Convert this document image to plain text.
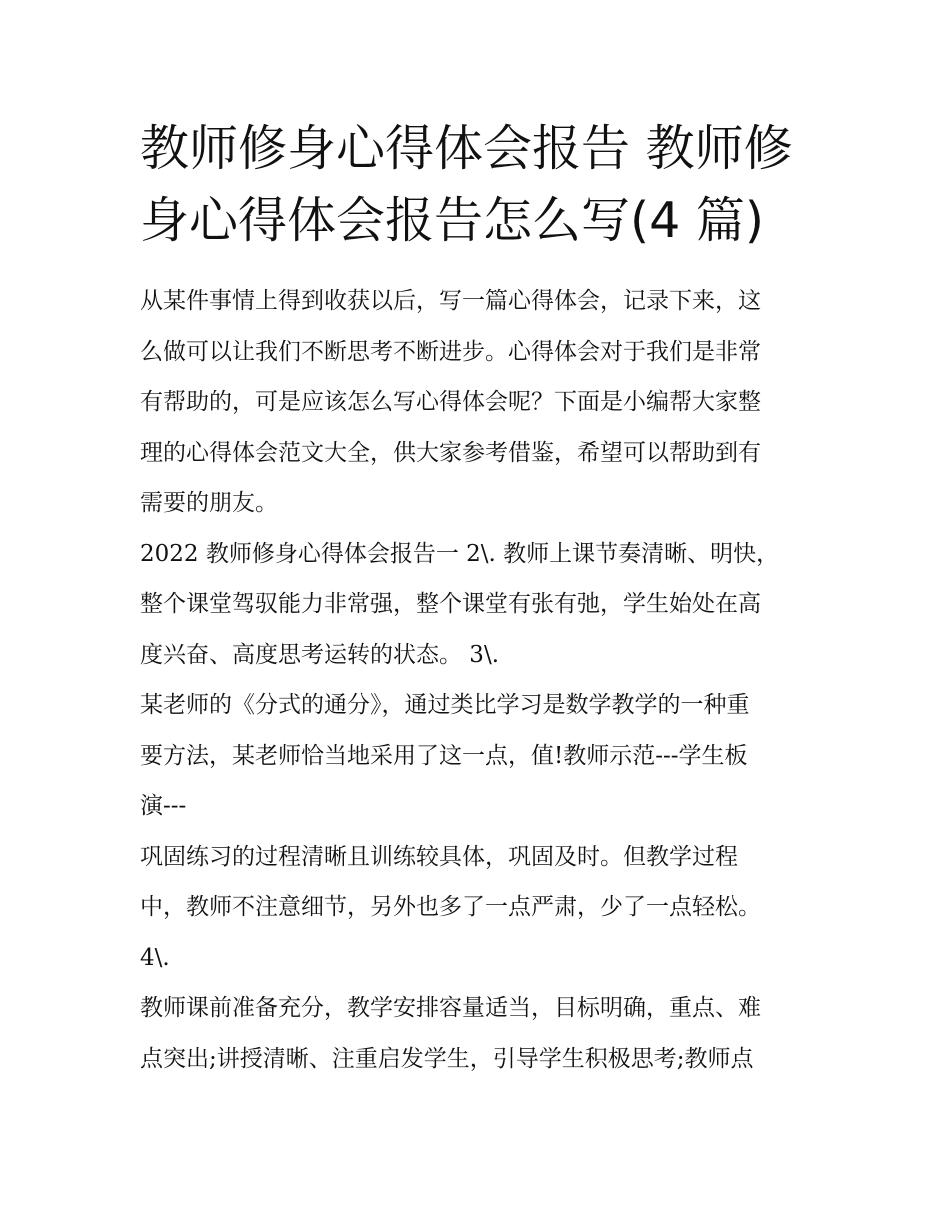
教师修身心得体会报告 教师修
身心得体会报告怎么写(4 篇)
从某件事情上得到收获以后，写一篇心得体会，记录下来，这
么做可以让我们不断思考不断进步。心得体会对于我们是非常
有帮助的，可是应该怎么写心得体会呢？下面是小编帮大家整
理的心得体会范文大全，供大家参考借鉴，希望可以帮助到有
需要的朋友。
2022 教师修身心得体会报告一 2\. 教师上课节奏清晰、明快，
整个课堂驾驭能力非常强，整个课堂有张有弛，学生始处在高
度兴奋、高度思考运转的状态。 3\.
某老师的《分式的通分》，通过类比学习是数学教学的一种重
要方法，某老师恰当地采用了这一点，值!教师示范---学生板
演---
巩固练习的过程清晰且训练较具体，巩固及时。但教学过程
中，教师不注意细节，另外也多了一点严肃，少了一点轻松。
4\.
教师课前准备充分，教学安排容量适当，目标明确，重点、难
点突出;讲授清晰、注重启发学生，引导学生积极思考;教师点
